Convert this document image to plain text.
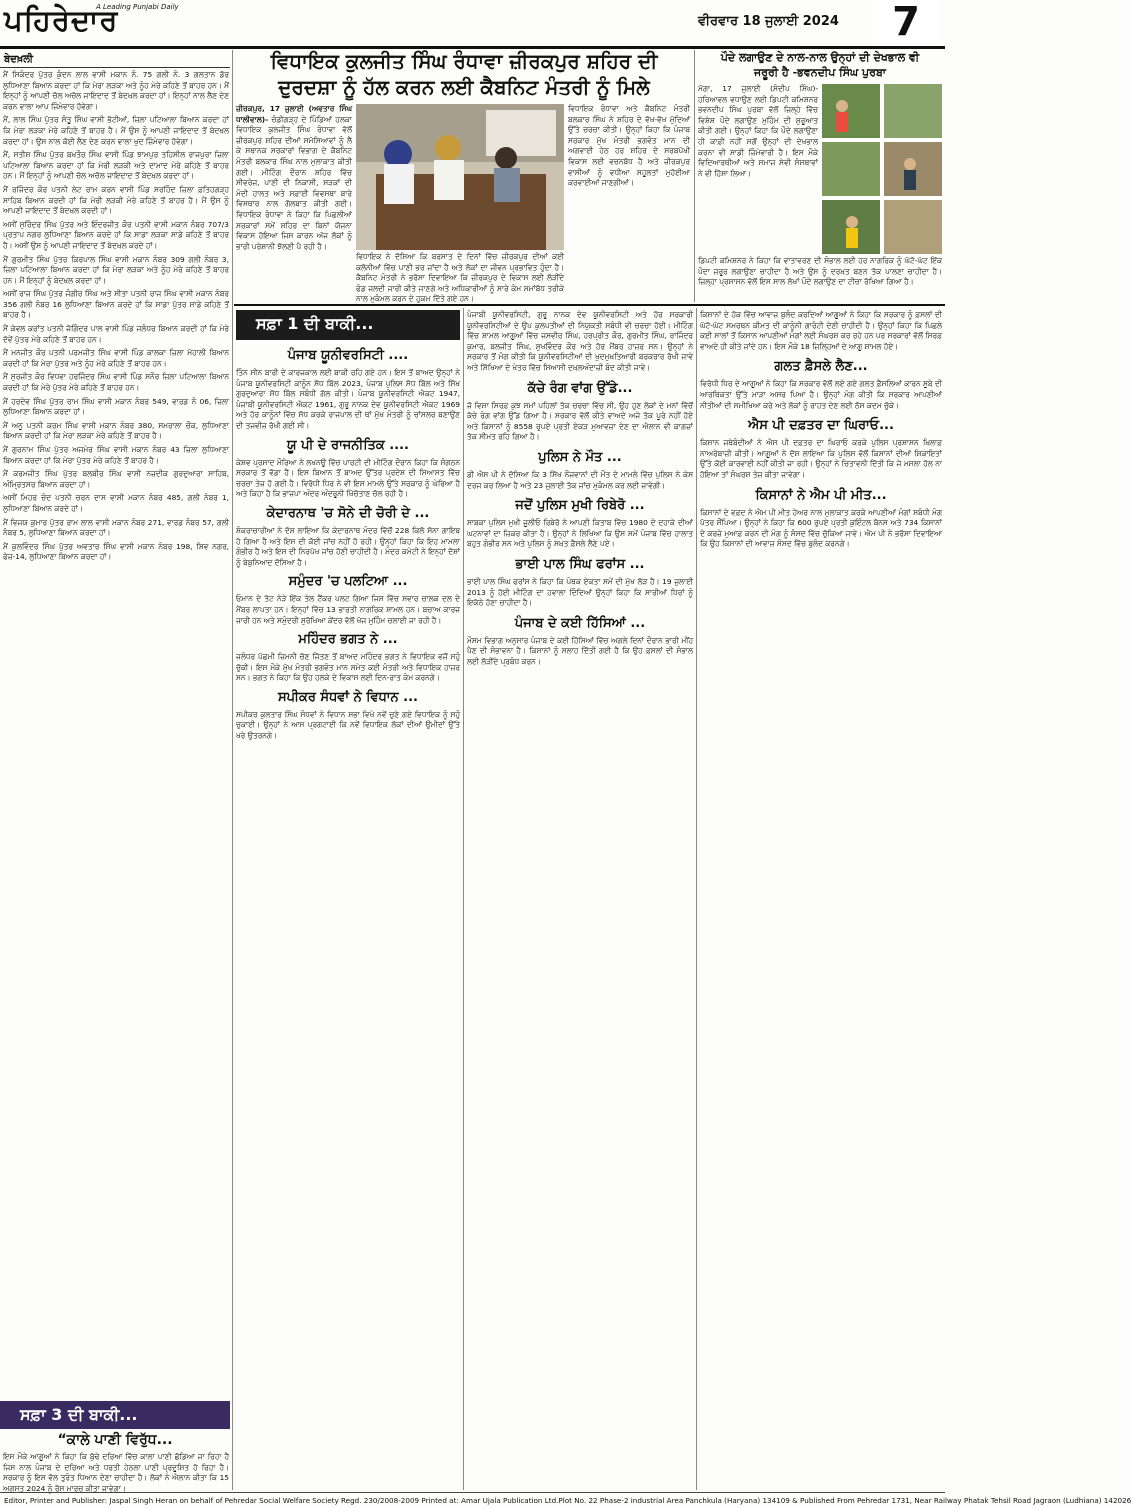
ਪਹਿਰੇਦਾਰ
A Leading Punjabi Daily
ਵੀਰਵਾਰ 18 ਜੁਲਾਈ 2024	7
ਬੇਦਖ਼ਲੀ

ਮੈਂ ਸਿਕੰਦਰ ਪੁੱਤਰ ਕੁੰਦਨ ਲਾਲ ਵਾਸੀ ਮਕਾਨ ਨੰ. 75 ਗਲੀ ਨੰ. 3 ਗਲਤਾਨ ਡੋਰ ਲੁਧਿਆਣਾ ਬਿਆਨ ਕਰਦਾ ਹਾਂ ਕਿ ਮੇਰਾ ਲੜਕਾ ਅਤੇ ਨੂੰਹ ਮੇਰੇ ਕਹਿਣੇ ਤੋਂ ਬਾਹਰ ਹਨ। ਮੈਂ ਇਨ੍ਹਾਂ ਨੂੰ ਆਪਣੀ ਚੱਲ ਅਚੱਲ ਜਾਇਦਾਦ ਤੋਂ ਬੇਦਖ਼ਲ ਕਰਦਾ ਹਾਂ। ਇਨ੍ਹਾਂ ਨਾਲ ਲੈਣ ਦੇਣ ਕਰਨ ਵਾਲਾ ਆਪ ਜ਼ਿੰਮੇਵਾਰ ਹੋਵੇਗਾ।

ਮੈਂ, ਲਾਲ ਸਿੰਘ ਪੁੱਤਰ ਸੰਤੂ ਸਿੰਘ ਵਾਸੀ ਭੱਟੀਆਂ, ਜ਼ਿਲਾ ਪਟਿਆਲਾ ਬਿਆਨ ਕਰਦਾ ਹਾਂ ਕਿ ਮੇਰਾ ਲੜਕਾ ਮੇਰੇ ਕਹਿਣੇ ਤੋਂ ਬਾਹਰ ਹੈ। ਮੈਂ ਉਸ ਨੂੰ ਆਪਣੀ ਜਾਇਦਾਦ ਤੋਂ ਬੇਦਖ਼ਲ ਕਰਦਾ ਹਾਂ। ਉਸ ਨਾਲ ਕੋਈ ਲੈਣ ਦੇਣ ਕਰਨ ਵਾਲਾ ਖੁਦ ਜ਼ਿੰਮੇਵਾਰ ਹੋਵੇਗਾ।

ਮੈਂ, ਸਤੀਸ਼ ਸਿੰਘ ਪੁੱਤਰ ਬਖਤੌਰ ਸਿੰਘ ਵਾਸੀ ਪਿੰਡ ਝਾਮਪੁਰ ਤਹਿਸੀਲ ਰਾਜਪੁਰਾ ਜ਼ਿਲਾ ਪਟਿਆਲਾ ਬਿਆਨ ਕਰਦਾ ਹਾਂ ਕਿ ਮੇਰੀ ਲੜਕੀ ਅਤੇ ਦਾਮਾਦ ਮੇਰੇ ਕਹਿਣੇ ਤੋਂ ਬਾਹਰ ਹਨ। ਮੈਂ ਇਨ੍ਹਾਂ ਨੂੰ ਆਪਣੀ ਚੱਲ ਅਚੱਲ ਜਾਇਦਾਦ ਤੋਂ ਬੇਦਖ਼ਲ ਕਰਦਾ ਹਾਂ।

ਮੈਂ ਰਜਿੰਦਰ ਕੌਰ ਪਤਨੀ ਲੇਟ ਰਾਮ ਕਰਨ ਵਾਸੀ ਪਿੰਡ ਸਰਹਿੰਦ ਜ਼ਿਲਾ ਫ਼ਤਿਹਗੜ੍ਹ ਸਾਹਿਬ ਬਿਆਨ ਕਰਦੀ ਹਾਂ ਕਿ ਮੇਰੀ ਲੜਕੀ ਮੇਰੇ ਕਹਿਣੇ ਤੋਂ ਬਾਹਰ ਹੈ। ਮੈਂ ਉਸ ਨੂੰ ਆਪਣੀ ਜਾਇਦਾਦ ਤੋਂ ਬੇਦਖ਼ਲ ਕਰਦੀ ਹਾਂ।

ਅਸੀਂ ਸੁਰਿੰਦਰ ਸਿੰਘ ਪੁੱਤਰ ਅਤੇ ਇੰਦਰਜੀਤ ਕੌਰ ਪਤਨੀ ਵਾਸੀ ਮਕਾਨ ਨੰਬਰ 707/3 ਪ੍ਰਤਾਪ ਨਗਰ ਲੁਧਿਆਣਾ ਬਿਆਨ ਕਰਦੇ ਹਾਂ ਕਿ ਸਾਡਾ ਲੜਕਾ ਸਾਡੇ ਕਹਿਣੇ ਤੋਂ ਬਾਹਰ ਹੈ। ਅਸੀਂ ਉਸ ਨੂੰ ਆਪਣੀ ਜਾਇਦਾਦ ਤੋਂ ਬੇਦਖ਼ਲ ਕਰਦੇ ਹਾਂ।

ਮੈਂ ਗੁਰਮੀਤ ਸਿੰਘ ਪੁੱਤਰ ਕਿਰਪਾਲ ਸਿੰਘ ਵਾਸੀ ਮਕਾਨ ਨੰਬਰ 309 ਗਲੀ ਨੰਬਰ 3, ਜ਼ਿਲਾ ਪਟਿਆਲਾ ਬਿਆਨ ਕਰਦਾ ਹਾਂ ਕਿ ਮੇਰਾ ਲੜਕਾ ਅਤੇ ਨੂੰਹ ਮੇਰੇ ਕਹਿਣੇ ਤੋਂ ਬਾਹਰ ਹਨ। ਮੈਂ ਇਨ੍ਹਾਂ ਨੂੰ ਬੇਦਖ਼ਲ ਕਰਦਾ ਹਾਂ।

ਅਸੀਂ ਰਾਜ ਸਿੰਘ ਪੁੱਤਰ ਜੰਗੀਰ ਸਿੰਘ ਅਤੇ ਸੀਤਾ ਪਤਨੀ ਰਾਜ ਸਿੰਘ ਵਾਸੀ ਮਕਾਨ ਨੰਬਰ 356 ਗਲੀ ਨੰਬਰ 16 ਲੁਧਿਆਣਾ ਬਿਆਨ ਕਰਦੇ ਹਾਂ ਕਿ ਸਾਡਾ ਪੁੱਤਰ ਸਾਡੇ ਕਹਿਣੇ ਤੋਂ ਬਾਹਰ ਹੈ।

ਮੈਂ ਕੇਵਲ ਕਰਾਂਤ ਪਤਨੀ ਜੋਗਿੰਦਰ ਪਾਲ ਵਾਸੀ ਪਿੰਡ ਜਲੰਧਰ ਬਿਆਨ ਕਰਦੀ ਹਾਂ ਕਿ ਮੇਰੇ ਦੋਵੇਂ ਪੁੱਤਰ ਮੇਰੇ ਕਹਿਣੇ ਤੋਂ ਬਾਹਰ ਹਨ।

ਮੈਂ ਮਨਜੀਤ ਕੌਰ ਪਤਨੀ ਪਰਮਜੀਤ ਸਿੰਘ ਵਾਸੀ ਪਿੰਡ ਕਾਲਕਾ ਜ਼ਿਲਾ ਮੋਹਾਲੀ ਬਿਆਨ ਕਰਦੀ ਹਾਂ ਕਿ ਮੇਰਾ ਪੁੱਤਰ ਅਤੇ ਨੂੰਹ ਮੇਰੇ ਕਹਿਣੇ ਤੋਂ ਬਾਹਰ ਹਨ।

ਮੈਂ ਸੁਰਜੀਤ ਕੌਰ ਵਿਧਵਾ ਹਰਜਿੰਦਰ ਸਿੰਘ ਵਾਸੀ ਪਿੰਡ ਸਨੌਰ ਜ਼ਿਲਾ ਪਟਿਆਲਾ ਬਿਆਨ ਕਰਦੀ ਹਾਂ ਕਿ ਮੇਰੇ ਪੁੱਤਰ ਮੇਰੇ ਕਹਿਣੇ ਤੋਂ ਬਾਹਰ ਹਨ।

ਮੈਂ ਹਰਦੇਵ ਸਿੰਘ ਪੁੱਤਰ ਰਾਮ ਸਿੰਘ ਵਾਸੀ ਮਕਾਨ ਨੰਬਰ 549, ਵਾਰਡ ਨੰ 06, ਜ਼ਿਲਾ ਲੁਧਿਆਣਾ ਬਿਆਨ ਕਰਦਾ ਹਾਂ।

ਮੈਂ ਅਨੂ ਪਤਨੀ ਕਰਮ ਸਿੰਘ ਵਾਸੀ ਮਕਾਨ ਨੰਬਰ 380, ਸਮਰਾਲਾ ਚੌਕ, ਲੁਧਿਆਣਾ ਬਿਆਨ ਕਰਦੀ ਹਾਂ ਕਿ ਮੇਰਾ ਲੜਕਾ ਮੇਰੇ ਕਹਿਣੇ ਤੋਂ ਬਾਹਰ ਹੈ।

ਮੈਂ ਗੁਰਨਾਮ ਸਿੰਘ ਪੁੱਤਰ ਅਜਮੇਰ ਸਿੰਘ ਵਾਸੀ ਮਕਾਨ ਨੰਬਰ 43 ਜ਼ਿਲਾ ਲੁਧਿਆਣਾ ਬਿਆਨ ਕਰਦਾ ਹਾਂ ਕਿ ਮੇਰਾ ਪੁੱਤਰ ਮੇਰੇ ਕਹਿਣੇ ਤੋਂ ਬਾਹਰ ਹੈ।

ਮੈਂ ਕਰਮਜੀਤ ਸਿੰਘ ਪੁੱਤਰ ਬਲਬੀਰ ਸਿੰਘ ਵਾਸੀ ਨਜ਼ਦੀਕ ਗੁਰਦੁਆਰਾ ਸਾਹਿਬ, ਅੰਮ੍ਰਿਤਸਰ ਬਿਆਨ ਕਰਦਾ ਹਾਂ।

ਅਸੀਂ ਮਿਹਰ ਚੰਦ ਪਤਨੀ ਚਰਨ ਦਾਸ ਵਾਸੀ ਮਕਾਨ ਨੰਬਰ 485, ਗਲੀ ਨੰਬਰ 1, ਲੁਧਿਆਣਾ ਬਿਆਨ ਕਰਦੇ ਹਾਂ।

ਮੈਂ ਵਿਜਯ ਕੁਮਾਰ ਪੁੱਤਰ ਰਾਮ ਲਾਲ ਵਾਸੀ ਮਕਾਨ ਨੰਬਰ 271, ਵਾਰਡ ਨੰਬਰ 57, ਗਲੀ ਨੰਬਰ 5, ਲੁਧਿਆਣਾ ਬਿਆਨ ਕਰਦਾ ਹਾਂ।

ਮੈਂ ਕੁਲਵਿੰਦਰ ਸਿੰਘ ਪੁੱਤਰ ਅਵਤਾਰ ਸਿੰਘ ਵਾਸੀ ਮਕਾਨ ਨੰਬਰ 198, ਸ਼ਿਵ ਨਗਰ, ਫੇਜ਼-14, ਲੁਧਿਆਣਾ ਬਿਆਨ ਕਰਦਾ ਹਾਂ।

ਸਫ਼ਾ 3 ਦੀ ਬਾਕੀ...
“ਕਾਲੇ ਪਾਣੀ ਵਿਰੁੱਧ...

ਇਸ ਮੌਕੇ ਆਗੂਆਂ ਨੇ ਕਿਹਾ ਕਿ ਬੁੱਢੇ ਦਰਿਆ ਵਿੱਚ ਕਾਲਾ ਪਾਣੀ ਛੱਡਿਆ ਜਾ ਰਿਹਾ ਹੈ ਜਿਸ ਨਾਲ ਪੰਜਾਬ ਦੇ ਦਰਿਆ ਅਤੇ ਧਰਤੀ ਹੇਠਲਾ ਪਾਣੀ ਪ੍ਰਦੂਸ਼ਿਤ ਹੋ ਰਿਹਾ ਹੈ। ਸਰਕਾਰ ਨੂੰ ਇਸ ਵੱਲ ਤੁਰੰਤ ਧਿਆਨ ਦੇਣਾ ਚਾਹੀਦਾ ਹੈ। ਲੋਕਾਂ ਨੇ ਐਲਾਨ ਕੀਤਾ ਕਿ 15 ਅਗਸਤ 2024 ਨੂੰ ਰੋਸ ਮਾਰਚ ਕੀਤਾ ਜਾਵੇਗਾ।

ਵਿਧਾਇਕ ਕੁਲਜੀਤ ਸਿੰਘ ਰੰਧਾਵਾ ਜ਼ੀਰਕਪੁਰ ਸ਼ਹਿਰ ਦੀ
ਦੁਰਦਸ਼ਾ ਨੂੰ ਹੱਲ ਕਰਨ ਲਈ ਕੈਬਨਿਟ ਮੰਤਰੀ ਨੂੰ ਮਿਲੇ

ਜ਼ੀਰਕਪੁਰ, 17 ਜੁਲਾਈ (ਅਵਤਾਰ ਸਿੰਘ ਧਾਲੀਵਾਲ)- ਚੰਡੀਗੜ੍ਹ ਦੇ ਪਿੰਡਿਆਂ ਹਲਕਾ ਵਿਧਾਇਕ ਕੁਲਜੀਤ ਸਿੰਘ ਰੰਧਾਵਾ ਵੱਲੋਂ ਜ਼ੀਰਕਪੁਰ ਸ਼ਹਿਰ ਦੀਆਂ ਸਮੱਸਿਆਵਾਂ ਨੂੰ ਲੈ ਕੇ ਸਥਾਨਕ ਸਰਕਾਰਾਂ ਵਿਭਾਗ ਦੇ ਕੈਬਨਿਟ ਮੰਤਰੀ ਬਲਕਾਰ ਸਿੰਘ ਨਾਲ ਮੁਲਾਕਾਤ ਕੀਤੀ ਗਈ। ਮੀਟਿੰਗ ਦੌਰਾਨ ਸ਼ਹਿਰ ਵਿੱਚ ਸੀਵਰੇਜ, ਪਾਣੀ ਦੀ ਨਿਕਾਸੀ, ਸੜਕਾਂ ਦੀ ਮੰਦੀ ਹਾਲਤ ਅਤੇ ਸਫ਼ਾਈ ਵਿਵਸਥਾ ਬਾਰੇ ਵਿਸਥਾਰ ਨਾਲ ਗੱਲਬਾਤ ਕੀਤੀ ਗਈ। ਵਿਧਾਇਕ ਰੰਧਾਵਾ ਨੇ ਕਿਹਾ ਕਿ ਪਿਛਲੀਆਂ ਸਰਕਾਰਾਂ ਸਮੇਂ ਸ਼ਹਿਰ ਦਾ ਬਿਨਾਂ ਯੋਜਨਾ ਵਿਕਾਸ ਹੋਇਆ ਜਿਸ ਕਾਰਨ ਅੱਜ ਲੋਕਾਂ ਨੂੰ ਭਾਰੀ ਪਰੇਸ਼ਾਨੀ ਝੱਲਣੀ ਪੈ ਰਹੀ ਹੈ।

ਵਿਧਾਇਕ ਨੇ ਦੱਸਿਆ ਕਿ ਬਰਸਾਤ ਦੇ ਦਿਨਾਂ ਵਿੱਚ ਜ਼ੀਰਕਪੁਰ ਦੀਆਂ ਕਈ ਕਲੋਨੀਆਂ ਵਿੱਚ ਪਾਣੀ ਭਰ ਜਾਂਦਾ ਹੈ ਅਤੇ ਲੋਕਾਂ ਦਾ ਜੀਵਨ ਪ੍ਰਭਾਵਿਤ ਹੁੰਦਾ ਹੈ। ਕੈਬਨਿਟ ਮੰਤਰੀ ਨੇ ਭਰੋਸਾ ਦਿਵਾਇਆ ਕਿ ਜ਼ੀਰਕਪੁਰ ਦੇ ਵਿਕਾਸ ਲਈ ਲੋੜੀਂਦੇ ਫੰਡ ਜਲਦੀ ਜਾਰੀ ਕੀਤੇ ਜਾਣਗੇ ਅਤੇ ਅਧਿਕਾਰੀਆਂ ਨੂੰ ਸਾਰੇ ਕੰਮ ਸਮਾਂਬੱਧ ਤਰੀਕੇ ਨਾਲ ਮੁਕੰਮਲ ਕਰਨ ਦੇ ਹੁਕਮ ਦਿੱਤੇ ਗਏ ਹਨ।

ਵਿਧਾਇਕ ਰੰਧਾਵਾ ਅਤੇ ਕੈਬਨਿਟ ਮੰਤਰੀ ਬਲਕਾਰ ਸਿੰਘ ਨੇ ਸ਼ਹਿਰ ਦੇ ਵੱਖ-ਵੱਖ ਮੁੱਦਿਆਂ ਉੱਤੇ ਚਰਚਾ ਕੀਤੀ। ਉਨ੍ਹਾਂ ਕਿਹਾ ਕਿ ਪੰਜਾਬ ਸਰਕਾਰ ਮੁੱਖ ਮੰਤਰੀ ਭਗਵੰਤ ਮਾਨ ਦੀ ਅਗਵਾਈ ਹੇਠ ਹਰ ਸ਼ਹਿਰ ਦੇ ਸਰਬਪੱਖੀ ਵਿਕਾਸ ਲਈ ਵਚਨਬੱਧ ਹੈ ਅਤੇ ਜ਼ੀਰਕਪੁਰ ਵਾਸੀਆਂ ਨੂੰ ਵਧੀਆ ਸਹੂਲਤਾਂ ਮੁਹੱਈਆ ਕਰਵਾਈਆਂ ਜਾਣਗੀਆਂ।

ਪੌਦੇ ਲਗਾਉਣ ਦੇ ਨਾਲ-ਨਾਲ ਉਨ੍ਹਾਂ ਦੀ ਦੇਖਭਾਲ ਵੀ
ਜਰੂਰੀ ਹੈ -ਭਵਨਦੀਪ ਸਿੰਘ ਪੁਰਬਾ

ਮੋਗਾ, 17 ਜੁਲਾਈ (ਸੰਦੀਪ ਸਿੰਘ)- ਹਰਿਆਵਲ ਵਧਾਉਣ ਲਈ ਡਿਪਟੀ ਕਮਿਸ਼ਨਰ ਭਵਨਦੀਪ ਸਿੰਘ ਪੁਰਬਾ ਵੱਲੋਂ ਜ਼ਿਲ੍ਹੇ ਵਿੱਚ ਵਿਸ਼ੇਸ਼ ਪੌਦੇ ਲਗਾਉਣ ਮੁਹਿੰਮ ਦੀ ਸ਼ੁਰੂਆਤ ਕੀਤੀ ਗਈ। ਉਨ੍ਹਾਂ ਕਿਹਾ ਕਿ ਪੌਦੇ ਲਗਾਉਣਾ ਹੀ ਕਾਫ਼ੀ ਨਹੀਂ ਸਗੋਂ ਉਨ੍ਹਾਂ ਦੀ ਦੇਖਭਾਲ ਕਰਨਾ ਵੀ ਸਾਡੀ ਜ਼ਿੰਮੇਵਾਰੀ ਹੈ। ਇਸ ਮੌਕੇ ਵਿਦਿਆਰਥੀਆਂ ਅਤੇ ਸਮਾਜ ਸੇਵੀ ਸੰਸਥਾਵਾਂ ਨੇ ਵੀ ਹਿੱਸਾ ਲਿਆ।

ਡਿਪਟੀ ਕਮਿਸ਼ਨਰ ਨੇ ਕਿਹਾ ਕਿ ਵਾਤਾਵਰਣ ਦੀ ਸੰਭਾਲ ਲਈ ਹਰ ਨਾਗਰਿਕ ਨੂੰ ਘੱਟੋ-ਘੱਟ ਇੱਕ ਪੌਦਾ ਜ਼ਰੂਰ ਲਗਾਉਣਾ ਚਾਹੀਦਾ ਹੈ ਅਤੇ ਉਸ ਨੂੰ ਦਰਖ਼ਤ ਬਣਨ ਤੱਕ ਪਾਲਣਾ ਚਾਹੀਦਾ ਹੈ। ਜ਼ਿਲ੍ਹਾ ਪ੍ਰਸ਼ਾਸਨ ਵੱਲੋਂ ਇਸ ਸਾਲ ਲੱਖਾਂ ਪੌਦੇ ਲਗਾਉਣ ਦਾ ਟੀਚਾ ਰੱਖਿਆ ਗਿਆ ਹੈ।

ਸਫ਼ਾ 1 ਦੀ ਬਾਕੀ...
ਪੰਜਾਬ ਯੂਨੀਵਰਸਿਟੀ ....

ਤਿੰਨ ਸੀਨ ਬਾਰੀ ਦੇ ਕਾਰਜਕਾਲ ਲਈ ਬਾਕੀ ਰਹਿ ਗਏ ਹਨ। ਇਸ ਤੋਂ ਬਾਅਦ ਉਨ੍ਹਾਂ ਨੇ ਪੰਜਾਬ ਯੂਨੀਵਰਸਿਟੀ ਕਾਨੂੰਨ ਸੋਧ ਬਿੱਲ 2023, ਪੰਜਾਬ ਪੁਲਿਸ ਸੋਧ ਬਿੱਲ ਅਤੇ ਸਿੱਖ ਗੁਰਦੁਆਰਾ ਸੋਧ ਬਿੱਲ ਸਬੰਧੀ ਗੱਲ ਕੀਤੀ। ਪੰਜਾਬ ਯੂਨੀਵਰਸਿਟੀ ਐਕਟ 1947, ਪੰਜਾਬੀ ਯੂਨੀਵਰਸਿਟੀ ਐਕਟ 1961, ਗੁਰੂ ਨਾਨਕ ਦੇਵ ਯੂਨੀਵਰਸਿਟੀ ਐਕਟ 1969 ਅਤੇ ਹੋਰ ਕਾਨੂੰਨਾਂ ਵਿੱਚ ਸੋਧ ਕਰਕੇ ਰਾਜਪਾਲ ਦੀ ਥਾਂ ਮੁੱਖ ਮੰਤਰੀ ਨੂੰ ਚਾਂਸਲਰ ਬਣਾਉਣ ਦੀ ਤਜਵੀਜ਼ ਰੱਖੀ ਗਈ ਸੀ।

ਯੂ ਪੀ ਦੇ ਰਾਜਨੀਤਿਕ ....

ਕੇਸ਼ਵ ਪ੍ਰਸਾਦ ਮੌਰਿਆ ਨੇ ਲਖਨਊ ਵਿੱਚ ਪਾਰਟੀ ਦੀ ਮੀਟਿੰਗ ਦੌਰਾਨ ਕਿਹਾ ਕਿ ਸੰਗਠਨ ਸਰਕਾਰ ਤੋਂ ਵੱਡਾ ਹੈ। ਇਸ ਬਿਆਨ ਤੋਂ ਬਾਅਦ ਉੱਤਰ ਪ੍ਰਦੇਸ਼ ਦੀ ਸਿਆਸਤ ਵਿੱਚ ਚਰਚਾ ਤੇਜ਼ ਹੋ ਗਈ ਹੈ। ਵਿਰੋਧੀ ਧਿਰ ਨੇ ਵੀ ਇਸ ਮਾਮਲੇ ਉੱਤੇ ਸਰਕਾਰ ਨੂੰ ਘੇਰਿਆ ਹੈ ਅਤੇ ਕਿਹਾ ਹੈ ਕਿ ਭਾਜਪਾ ਅੰਦਰ ਅੰਦਰੂਨੀ ਖਿੱਚੋਤਾਣ ਚੱਲ ਰਹੀ ਹੈ।

ਕੇਦਾਰਨਾਥ 'ਚ ਸੋਨੇ ਦੀ ਚੋਰੀ ਦੇ ...

ਸ਼ੰਕਰਾਚਾਰੀਆ ਨੇ ਦੋਸ਼ ਲਾਇਆ ਕਿ ਕੇਦਾਰਨਾਥ ਮੰਦਰ ਵਿੱਚੋਂ 228 ਕਿਲੋ ਸੋਨਾ ਗਾਇਬ ਹੋ ਗਿਆ ਹੈ ਅਤੇ ਇਸ ਦੀ ਕੋਈ ਜਾਂਚ ਨਹੀਂ ਹੋ ਰਹੀ। ਉਨ੍ਹਾਂ ਕਿਹਾ ਕਿ ਇਹ ਮਾਮਲਾ ਗੰਭੀਰ ਹੈ ਅਤੇ ਇਸ ਦੀ ਨਿਰਪੱਖ ਜਾਂਚ ਹੋਣੀ ਚਾਹੀਦੀ ਹੈ। ਮੰਦਰ ਕਮੇਟੀ ਨੇ ਇਨ੍ਹਾਂ ਦੋਸ਼ਾਂ ਨੂੰ ਬੇਬੁਨਿਆਦ ਦੱਸਿਆ ਹੈ।

ਸਮੁੰਦਰ 'ਚ ਪਲਟਿਆ ...

ਓਮਾਨ ਦੇ ਤੱਟ ਨੇੜੇ ਇੱਕ ਤੇਲ ਟੈਂਕਰ ਪਲਟ ਗਿਆ ਜਿਸ ਵਿੱਚ ਸਵਾਰ ਚਾਲਕ ਦਲ ਦੇ ਮੈਂਬਰ ਲਾਪਤਾ ਹਨ। ਇਨ੍ਹਾਂ ਵਿੱਚ 13 ਭਾਰਤੀ ਨਾਗਰਿਕ ਸ਼ਾਮਲ ਹਨ। ਬਚਾਅ ਕਾਰਜ ਜਾਰੀ ਹਨ ਅਤੇ ਸਮੁੰਦਰੀ ਸੁਰੱਖਿਆ ਕੇਂਦਰ ਵੱਲੋਂ ਖੋਜ ਮੁਹਿੰਮ ਚਲਾਈ ਜਾ ਰਹੀ ਹੈ।

ਮਹਿੰਦਰ ਭਗਤ ਨੇ ...

ਜਲੰਧਰ ਪੱਛਮੀ ਜ਼ਿਮਨੀ ਚੋਣ ਜਿੱਤਣ ਤੋਂ ਬਾਅਦ ਮਹਿੰਦਰ ਭਗਤ ਨੇ ਵਿਧਾਇਕ ਵਜੋਂ ਸਹੁੰ ਚੁੱਕੀ। ਇਸ ਮੌਕੇ ਮੁੱਖ ਮੰਤਰੀ ਭਗਵੰਤ ਮਾਨ ਸਮੇਤ ਕਈ ਮੰਤਰੀ ਅਤੇ ਵਿਧਾਇਕ ਹਾਜ਼ਰ ਸਨ। ਭਗਤ ਨੇ ਕਿਹਾ ਕਿ ਉਹ ਹਲਕੇ ਦੇ ਵਿਕਾਸ ਲਈ ਦਿਨ-ਰਾਤ ਕੰਮ ਕਰਨਗੇ।

ਸਪੀਕਰ ਸੰਧਵਾਂ ਨੇ ਵਿਧਾਨ ...

ਸਪੀਕਰ ਕੁਲਤਾਰ ਸਿੰਘ ਸੰਧਵਾਂ ਨੇ ਵਿਧਾਨ ਸਭਾ ਵਿਖੇ ਨਵੇਂ ਚੁਣੇ ਗਏ ਵਿਧਾਇਕ ਨੂੰ ਸਹੁੰ ਚੁਕਾਈ। ਉਨ੍ਹਾਂ ਨੇ ਆਸ ਪ੍ਰਗਟਾਈ ਕਿ ਨਵੇਂ ਵਿਧਾਇਕ ਲੋਕਾਂ ਦੀਆਂ ਉਮੀਦਾਂ ਉੱਤੇ ਖਰੇ ਉਤਰਨਗੇ।

ਪੰਜਾਬੀ ਯੂਨੀਵਰਸਿਟੀ, ਗੁਰੂ ਨਾਨਕ ਦੇਵ ਯੂਨੀਵਰਸਿਟੀ ਅਤੇ ਹੋਰ ਸਰਕਾਰੀ ਯੂਨੀਵਰਸਿਟੀਆਂ ਦੇ ਉਪ ਕੁਲਪਤੀਆਂ ਦੀ ਨਿਯੁਕਤੀ ਸਬੰਧੀ ਵੀ ਚਰਚਾ ਹੋਈ। ਮੀਟਿੰਗ ਵਿੱਚ ਸ਼ਾਮਲ ਆਗੂਆਂ ਵਿੱਚ ਜਸਵੀਰ ਸਿੰਘ, ਹਰਪ੍ਰੀਤ ਕੌਰ, ਗੁਰਮੀਤ ਸਿੰਘ, ਰਾਜਿੰਦਰ ਕੁਮਾਰ, ਬਲਜੀਤ ਸਿੰਘ, ਸੁਖਵਿੰਦਰ ਕੌਰ ਅਤੇ ਹੋਰ ਮੈਂਬਰ ਹਾਜ਼ਰ ਸਨ। ਉਨ੍ਹਾਂ ਨੇ ਸਰਕਾਰ ਤੋਂ ਮੰਗ ਕੀਤੀ ਕਿ ਯੂਨੀਵਰਸਿਟੀਆਂ ਦੀ ਖੁਦਮੁਖ਼ਤਿਆਰੀ ਬਰਕਰਾਰ ਰੱਖੀ ਜਾਵੇ ਅਤੇ ਸਿੱਖਿਆ ਦੇ ਖੇਤਰ ਵਿੱਚ ਸਿਆਸੀ ਦਖ਼ਲਅੰਦਾਜ਼ੀ ਬੰਦ ਕੀਤੀ ਜਾਵੇ।

ਕੱਚੇ ਰੰਗ ਵਾਂਗ ਉੱਡੇ...

ਜੋ ਵਿਸ਼ਾ ਸਿਰਫ਼ ਕੁਝ ਸਮਾਂ ਪਹਿਲਾਂ ਤੱਕ ਚਰਚਾ ਵਿੱਚ ਸੀ, ਉਹ ਹੁਣ ਲੋਕਾਂ ਦੇ ਮਨਾਂ ਵਿੱਚੋਂ ਕੱਚੇ ਰੰਗ ਵਾਂਗ ਉੱਡ ਗਿਆ ਹੈ। ਸਰਕਾਰ ਵੱਲੋਂ ਕੀਤੇ ਵਾਅਦੇ ਅਜੇ ਤੱਕ ਪੂਰੇ ਨਹੀਂ ਹੋਏ ਅਤੇ ਕਿਸਾਨਾਂ ਨੂੰ 8558 ਰੁਪਏ ਪ੍ਰਤੀ ਏਕੜ ਮੁਆਵਜ਼ਾ ਦੇਣ ਦਾ ਐਲਾਨ ਵੀ ਕਾਗਜ਼ਾਂ ਤੱਕ ਸੀਮਤ ਰਹਿ ਗਿਆ ਹੈ।

ਪੁਲਿਸ ਨੇ ਮੌਤ ...

ਡੀ ਐਸ ਪੀ ਨੇ ਦੱਸਿਆ ਕਿ 3 ਸਿੱਖ ਨੌਜਵਾਨਾਂ ਦੀ ਮੌਤ ਦੇ ਮਾਮਲੇ ਵਿੱਚ ਪੁਲਿਸ ਨੇ ਕੇਸ ਦਰਜ ਕਰ ਲਿਆ ਹੈ ਅਤੇ 23 ਜੁਲਾਈ ਤੱਕ ਜਾਂਚ ਮੁਕੰਮਲ ਕਰ ਲਈ ਜਾਵੇਗੀ।

ਜਦੋਂ ਪੁਲਿਸ ਮੁਖੀ ਰਿਬੇਰੋ ...

ਸਾਬਕਾ ਪੁਲਿਸ ਮੁਖੀ ਜੂਲੀਓ ਰਿਬੇਰੋ ਨੇ ਆਪਣੀ ਕਿਤਾਬ ਵਿੱਚ 1980 ਦੇ ਦਹਾਕੇ ਦੀਆਂ ਘਟਨਾਵਾਂ ਦਾ ਜ਼ਿਕਰ ਕੀਤਾ ਹੈ। ਉਨ੍ਹਾਂ ਨੇ ਲਿਖਿਆ ਕਿ ਉਸ ਸਮੇਂ ਪੰਜਾਬ ਵਿੱਚ ਹਾਲਾਤ ਬਹੁਤ ਗੰਭੀਰ ਸਨ ਅਤੇ ਪੁਲਿਸ ਨੂੰ ਸਖ਼ਤ ਫ਼ੈਸਲੇ ਲੈਣੇ ਪਏ।

ਭਾਈ ਪਾਲ ਸਿੰਘ ਫਰਾਂਸ ...

ਭਾਈ ਪਾਲ ਸਿੰਘ ਫਰਾਂਸ ਨੇ ਕਿਹਾ ਕਿ ਪੰਥਕ ਏਕਤਾ ਸਮੇਂ ਦੀ ਮੁੱਖ ਲੋੜ ਹੈ। 19 ਜੁਲਾਈ 2013 ਨੂੰ ਹੋਈ ਮੀਟਿੰਗ ਦਾ ਹਵਾਲਾ ਦਿੰਦਿਆਂ ਉਨ੍ਹਾਂ ਕਿਹਾ ਕਿ ਸਾਰੀਆਂ ਧਿਰਾਂ ਨੂੰ ਇਕੱਠੇ ਹੋਣਾ ਚਾਹੀਦਾ ਹੈ।

ਪੰਜਾਬ ਦੇ ਕਈ ਹਿੱਸਿਆਂ ...

ਮੌਸਮ ਵਿਭਾਗ ਅਨੁਸਾਰ ਪੰਜਾਬ ਦੇ ਕਈ ਹਿੱਸਿਆਂ ਵਿੱਚ ਅਗਲੇ ਦਿਨਾਂ ਦੌਰਾਨ ਭਾਰੀ ਮੀਂਹ ਪੈਣ ਦੀ ਸੰਭਾਵਨਾ ਹੈ। ਕਿਸਾਨਾਂ ਨੂੰ ਸਲਾਹ ਦਿੱਤੀ ਗਈ ਹੈ ਕਿ ਉਹ ਫ਼ਸਲਾਂ ਦੀ ਸੰਭਾਲ ਲਈ ਲੋੜੀਂਦੇ ਪ੍ਰਬੰਧ ਕਰਨ।

ਕਿਸਾਨਾਂ ਦੇ ਹੱਕ ਵਿੱਚ ਆਵਾਜ਼ ਬੁਲੰਦ ਕਰਦਿਆਂ ਆਗੂਆਂ ਨੇ ਕਿਹਾ ਕਿ ਸਰਕਾਰ ਨੂੰ ਫ਼ਸਲਾਂ ਦੀ ਘੱਟੋ-ਘੱਟ ਸਮਰਥਨ ਕੀਮਤ ਦੀ ਕਾਨੂੰਨੀ ਗਾਰੰਟੀ ਦੇਣੀ ਚਾਹੀਦੀ ਹੈ। ਉਨ੍ਹਾਂ ਕਿਹਾ ਕਿ ਪਿਛਲੇ ਕਈ ਸਾਲਾਂ ਤੋਂ ਕਿਸਾਨ ਆਪਣੀਆਂ ਮੰਗਾਂ ਲਈ ਸੰਘਰਸ਼ ਕਰ ਰਹੇ ਹਨ ਪਰ ਸਰਕਾਰਾਂ ਵੱਲੋਂ ਸਿਰਫ਼ ਵਾਅਦੇ ਹੀ ਕੀਤੇ ਜਾਂਦੇ ਹਨ। ਇਸ ਮੌਕੇ 18 ਜ਼ਿਲ੍ਹਿਆਂ ਦੇ ਆਗੂ ਸ਼ਾਮਲ ਹੋਏ।

ਗਲਤ ਫ਼ੈਸਲੇ ਲੈਣ...

ਵਿਰੋਧੀ ਧਿਰ ਦੇ ਆਗੂਆਂ ਨੇ ਕਿਹਾ ਕਿ ਸਰਕਾਰ ਵੱਲੋਂ ਲਏ ਗਏ ਗਲਤ ਫ਼ੈਸਲਿਆਂ ਕਾਰਨ ਸੂਬੇ ਦੀ ਆਰਥਿਕਤਾ ਉੱਤੇ ਮਾੜਾ ਅਸਰ ਪਿਆ ਹੈ। ਉਨ੍ਹਾਂ ਮੰਗ ਕੀਤੀ ਕਿ ਸਰਕਾਰ ਆਪਣੀਆਂ ਨੀਤੀਆਂ ਦੀ ਸਮੀਖਿਆ ਕਰੇ ਅਤੇ ਲੋਕਾਂ ਨੂੰ ਰਾਹਤ ਦੇਣ ਲਈ ਠੋਸ ਕਦਮ ਚੁੱਕੇ।

ਐਸ ਪੀ ਦਫ਼ਤਰ ਦਾ ਘਿਰਾਓ...

ਕਿਸਾਨ ਜਥੇਬੰਦੀਆਂ ਨੇ ਐਸ ਪੀ ਦਫ਼ਤਰ ਦਾ ਘਿਰਾਓ ਕਰਕੇ ਪੁਲਿਸ ਪ੍ਰਸ਼ਾਸਨ ਖ਼ਿਲਾਫ਼ ਨਾਅਰੇਬਾਜ਼ੀ ਕੀਤੀ। ਆਗੂਆਂ ਨੇ ਦੋਸ਼ ਲਾਇਆ ਕਿ ਪੁਲਿਸ ਵੱਲੋਂ ਕਿਸਾਨਾਂ ਦੀਆਂ ਸ਼ਿਕਾਇਤਾਂ ਉੱਤੇ ਕੋਈ ਕਾਰਵਾਈ ਨਹੀਂ ਕੀਤੀ ਜਾ ਰਹੀ। ਉਨ੍ਹਾਂ ਨੇ ਚਿਤਾਵਨੀ ਦਿੱਤੀ ਕਿ ਜੇ ਮਸਲਾ ਹੱਲ ਨਾ ਹੋਇਆ ਤਾਂ ਸੰਘਰਸ਼ ਤੇਜ਼ ਕੀਤਾ ਜਾਵੇਗਾ।

ਕਿਸਾਨਾਂ ਨੇ ਐਮ ਪੀ ਮੀਤ...

ਕਿਸਾਨਾਂ ਦੇ ਵਫ਼ਦ ਨੇ ਐਮ ਪੀ ਮੀਤ ਹੇਅਰ ਨਾਲ ਮੁਲਾਕਾਤ ਕਰਕੇ ਆਪਣੀਆਂ ਮੰਗਾਂ ਸਬੰਧੀ ਮੰਗ ਪੱਤਰ ਸੌਂਪਿਆ। ਉਨ੍ਹਾਂ ਨੇ ਕਿਹਾ ਕਿ 600 ਰੁਪਏ ਪ੍ਰਤੀ ਕੁਇੰਟਲ ਬੋਨਸ ਅਤੇ 734 ਕਿਸਾਨਾਂ ਦੇ ਕਰਜ਼ੇ ਮੁਆਫ਼ ਕਰਨ ਦੀ ਮੰਗ ਨੂੰ ਸੰਸਦ ਵਿੱਚ ਚੁੱਕਿਆ ਜਾਵੇ। ਐਮ ਪੀ ਨੇ ਭਰੋਸਾ ਦਿਵਾਇਆ ਕਿ ਉਹ ਕਿਸਾਨਾਂ ਦੀ ਆਵਾਜ਼ ਸੰਸਦ ਵਿੱਚ ਬੁਲੰਦ ਕਰਨਗੇ।

Editor, Printer and Publisher: Jaspal Singh Heran on behalf of Pehredar Social Welfare Society Regd. 230/2008-2009 Printed at: Amar Ujala Publication Ltd.Plot No. 22 Phase-2 industrial Area Panchkula (Haryana) 134109 & Published From Pehredar 1731, Near Railway Phatak Tehsil Road Jagraon (Ludhiana) 142026
